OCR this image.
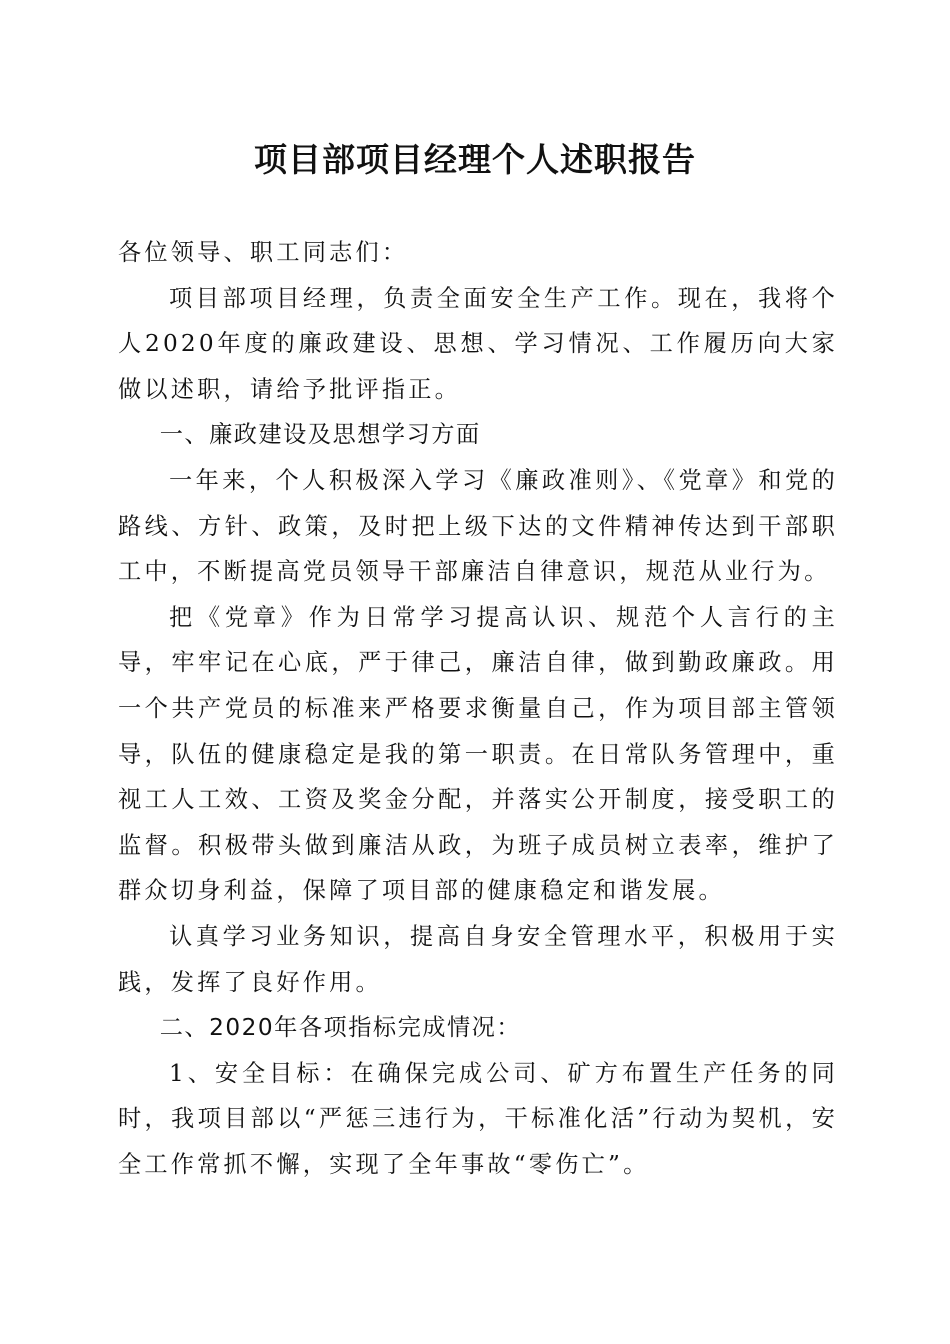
项目部项目经理个人述职报告

各位领导、职工同志们：

项目部项目经理，负责全面安全生产工作。现在，我将个人2020年度的廉政建设、思想、学习情况、工作履历向大家做以述职，请给予批评指正。

一、廉政建设及思想学习方面

一年来，个人积极深入学习《廉政准则》、《党章》和党的路线、方针、政策，及时把上级下达的文件精神传达到干部职工中，不断提高党员领导干部廉洁自律意识，规范从业行为。

把《党章》作为日常学习提高认识、规范个人言行的主导，牢牢记在心底，严于律己，廉洁自律，做到勤政廉政。用一个共产党员的标准来严格要求衡量自己，作为项目部主管领导，队伍的健康稳定是我的第一职责。在日常队务管理中，重视工人工效、工资及奖金分配，并落实公开制度，接受职工的监督。积极带头做到廉洁从政，为班子成员树立表率，维护了群众切身利益，保障了项目部的健康稳定和谐发展。

认真学习业务知识，提高自身安全管理水平，积极用于实践，发挥了良好作用。

二、2020年各项指标完成情况：

1、安全目标：在确保完成公司、矿方布置生产任务的同时，我项目部以“严惩三违行为，干标准化活”行动为契机，安全工作常抓不懈，实现了全年事故“零伤亡”。
